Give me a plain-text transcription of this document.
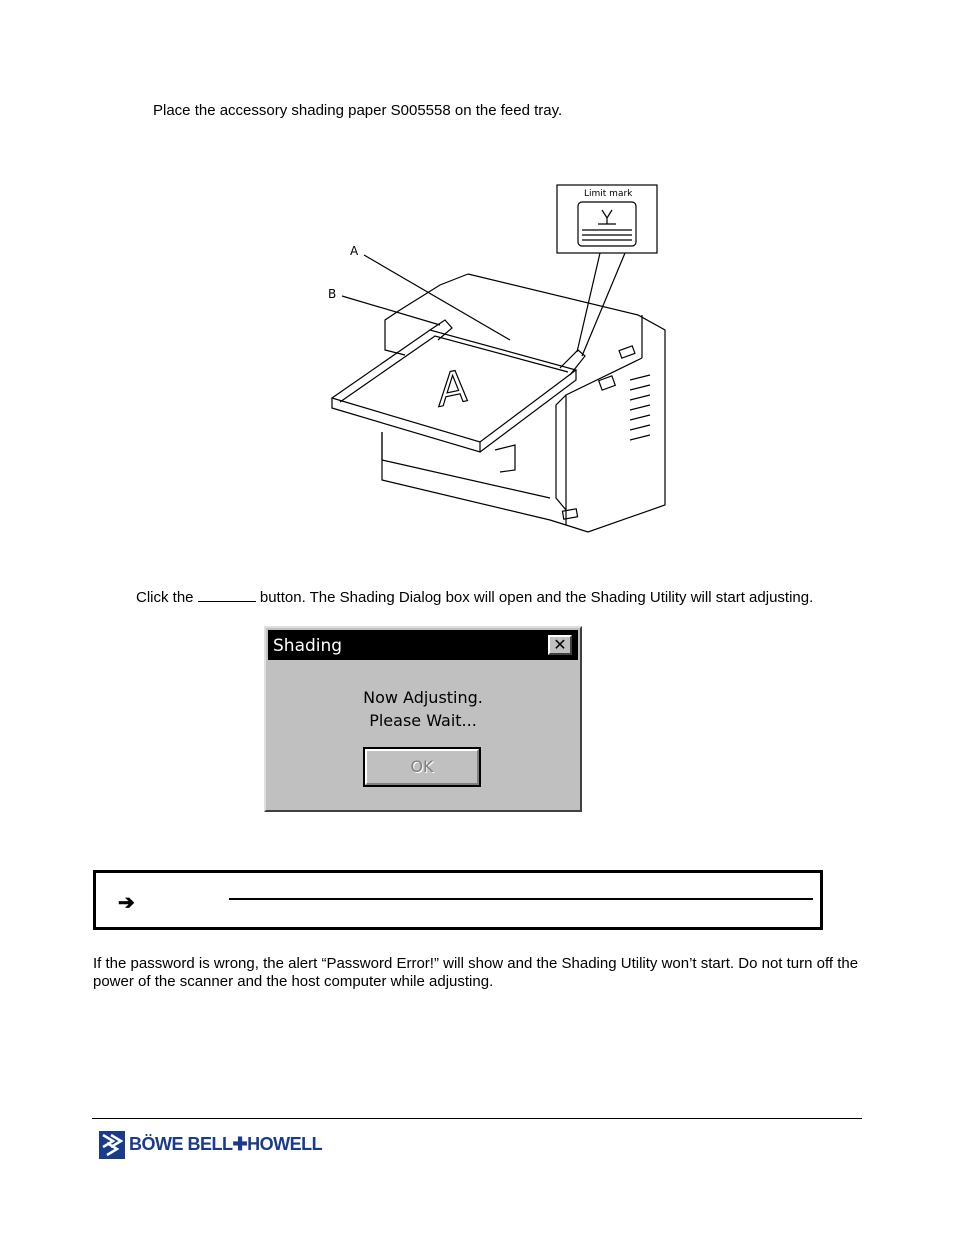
Place the accessory shading paper S005558 on the feed tray.
A
Limit mark
A
B
Click the	button. The Shading Dialog box will open and the Shading Utility will start adjusting.
Shading	✕
Now Adjusting.
Please Wait...
OK
➔
If the password is wrong, the alert “Password Error!” will show and the Shading Utility won’t start. Do not turn off the power of the scanner and the host computer while adjusting.
BÖWE BELL✚HOWELL
